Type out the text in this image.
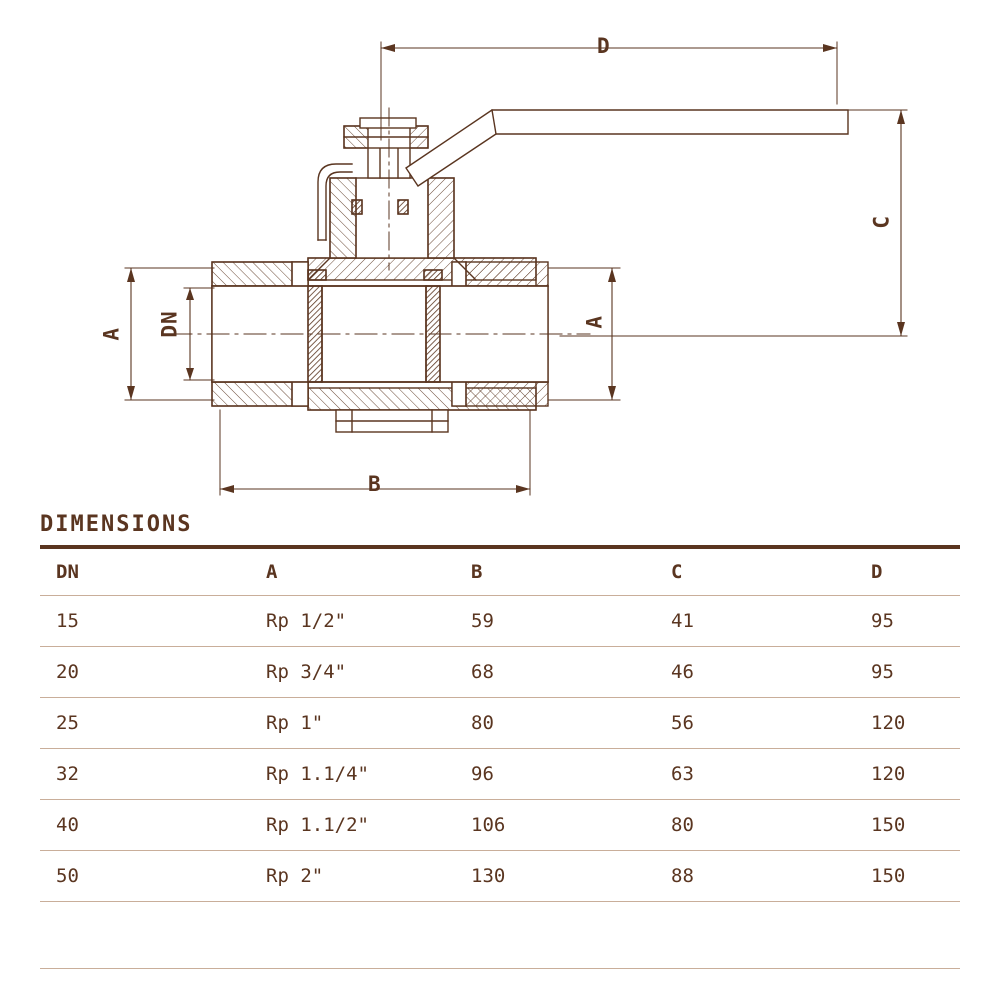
D
C
A DN	A
B
DIMENSIONS
DN	A	B	C	D
15	Rp 1/2"	59	41	95
20	Rp 3/4"	68	46	95
25	Rp 1"	80	56	120
32	Rp 1.1/4"	96	63	120
40	Rp 1.1/2"	106	80	150
50	Rp 2"	130	88	150
